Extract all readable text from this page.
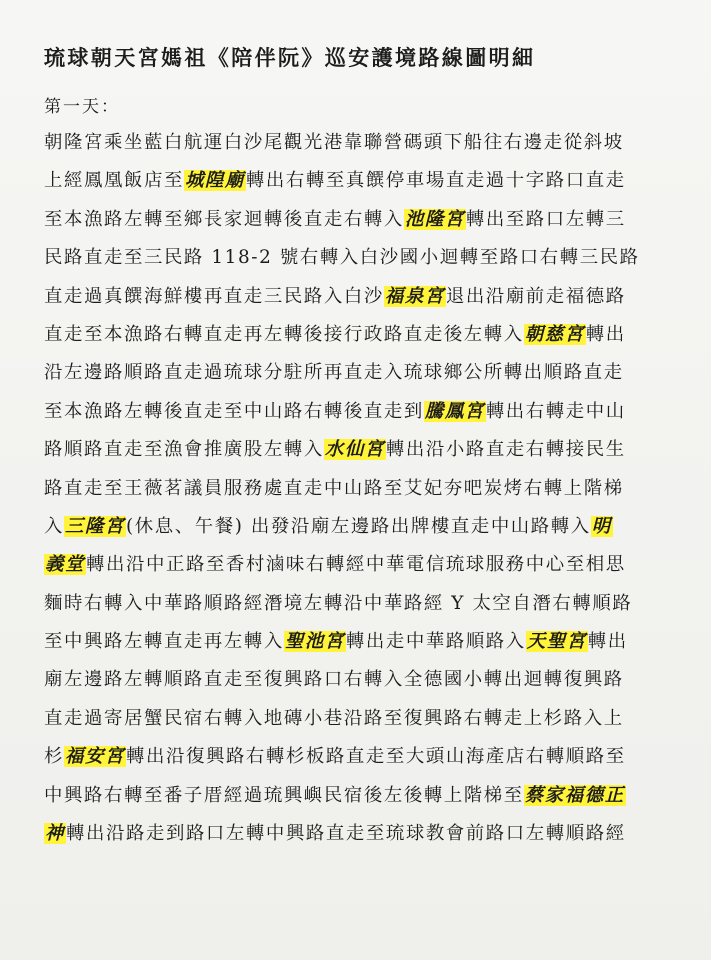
琉球朝天宮媽祖《陪伴阮》巡安護境路線圖明細
第一天：
朝隆宮乘坐藍白航運白沙尾觀光港靠聯營碼頭下船往右邊走從斜坡
上經鳳凰飯店至城隍廟轉出右轉至真饌停車場直走過十字路口直走
至本漁路左轉至鄉長家迴轉後直走右轉入池隆宮轉出至路口左轉三
民路直走至三民路 118-2 號右轉入白沙國小迴轉至路口右轉三民路
直走過真饌海鮮樓再直走三民路入白沙福泉宮退出沿廟前走福德路
直走至本漁路右轉直走再左轉後接行政路直走後左轉入朝慈宮轉出
沿左邊路順路直走過琉球分駐所再直走入琉球鄉公所轉出順路直走
至本漁路左轉後直走至中山路右轉後直走到騰鳳宮轉出右轉走中山
路順路直走至漁會推廣股左轉入水仙宮轉出沿小路直走右轉接民生
路直走至王薇茗議員服務處直走中山路至艾妃夯吧炭烤右轉上階梯
入三隆宮(休息、午餐) 出發沿廟左邊路出牌樓直走中山路轉入明
義堂轉出沿中正路至香村滷味右轉經中華電信琉球服務中心至相思
麵時右轉入中華路順路經潛境左轉沿中華路經 Y 太空自潛右轉順路
至中興路左轉直走再左轉入聖池宮轉出走中華路順路入天聖宮轉出
廟左邊路左轉順路直走至復興路口右轉入全德國小轉出迴轉復興路
直走過寄居蟹民宿右轉入地磚小巷沿路至復興路右轉走上杉路入上
杉福安宮轉出沿復興路右轉杉板路直走至大頭山海產店右轉順路至
中興路右轉至番子厝經過琉興嶼民宿後左後轉上階梯至蔡家福德正
神轉出沿路走到路口左轉中興路直走至琉球教會前路口左轉順路經
